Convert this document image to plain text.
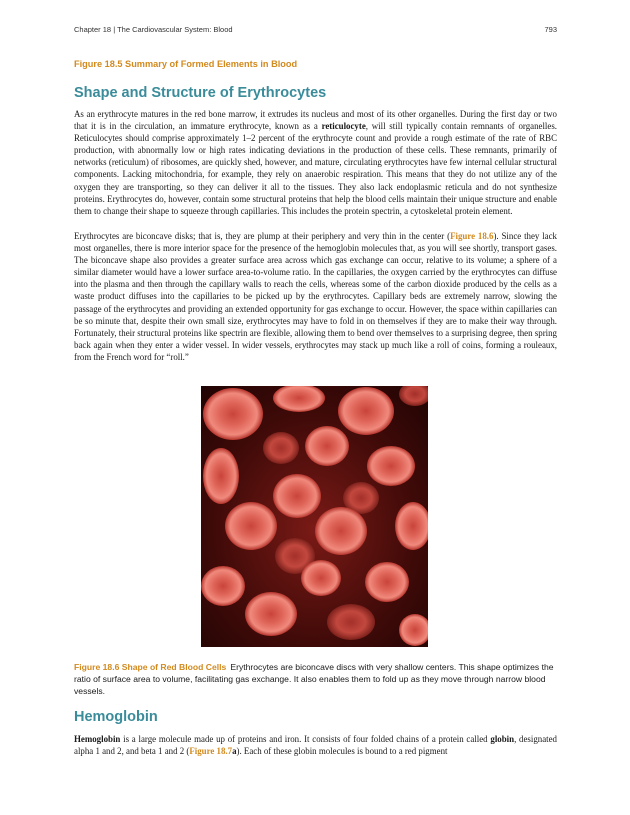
Chapter 18 | The Cardiovascular System: Blood	793
Figure 18.5 Summary of Formed Elements in Blood
Shape and Structure of Erythrocytes

As an erythrocyte matures in the red bone marrow, it extrudes its nucleus and most of its other organelles. During the first day or two that it is in the circulation, an immature erythrocyte, known as a reticulocyte, will still typically contain remnants of organelles. Reticulocytes should comprise approximately 1–2 percent of the erythrocyte count and provide a rough estimate of the rate of RBC production, with abnormally low or high rates indicating deviations in the production of these cells. These remnants, primarily of networks (reticulum) of ribosomes, are quickly shed, however, and mature, circulating erythrocytes have few internal cellular structural components. Lacking mitochondria, for example, they rely on anaerobic respiration. This means that they do not utilize any of the oxygen they are transporting, so they can deliver it all to the tissues. They also lack endoplasmic reticula and do not synthesize proteins. Erythrocytes do, however, contain some structural proteins that help the blood cells maintain their unique structure and enable them to change their shape to squeeze through capillaries. This includes the protein spectrin, a cytoskeletal protein element.

Erythrocytes are biconcave disks; that is, they are plump at their periphery and very thin in the center (Figure 18.6). Since they lack most organelles, there is more interior space for the presence of the hemoglobin molecules that, as you will see shortly, transport gases. The biconcave shape also provides a greater surface area across which gas exchange can occur, relative to its volume; a sphere of a similar diameter would have a lower surface area-to-volume ratio. In the capillaries, the oxygen carried by the erythrocytes can diffuse into the plasma and then through the capillary walls to reach the cells, whereas some of the carbon dioxide produced by the cells as a waste product diffuses into the capillaries to be picked up by the erythrocytes. Capillary beds are extremely narrow, slowing the passage of the erythrocytes and providing an extended opportunity for gas exchange to occur. However, the space within capillaries can be so minute that, despite their own small size, erythrocytes may have to fold in on themselves if they are to make their way through. Fortunately, their structural proteins like spectrin are flexible, allowing them to bend over themselves to a surprising degree, then spring back again when they enter a wider vessel. In wider vessels, erythrocytes may stack up much like a roll of coins, forming a rouleaux, from the French word for “roll.”

Figure 18.6 Shape of Red Blood Cells Erythrocytes are biconcave discs with very shallow centers. This shape optimizes the ratio of surface area to volume, facilitating gas exchange. It also enables them to fold up as they move through narrow blood vessels.

Hemoglobin

Hemoglobin is a large molecule made up of proteins and iron. It consists of four folded chains of a protein called globin, designated alpha 1 and 2, and beta 1 and 2 (Figure 18.7a). Each of these globin molecules is bound to a red pigment
